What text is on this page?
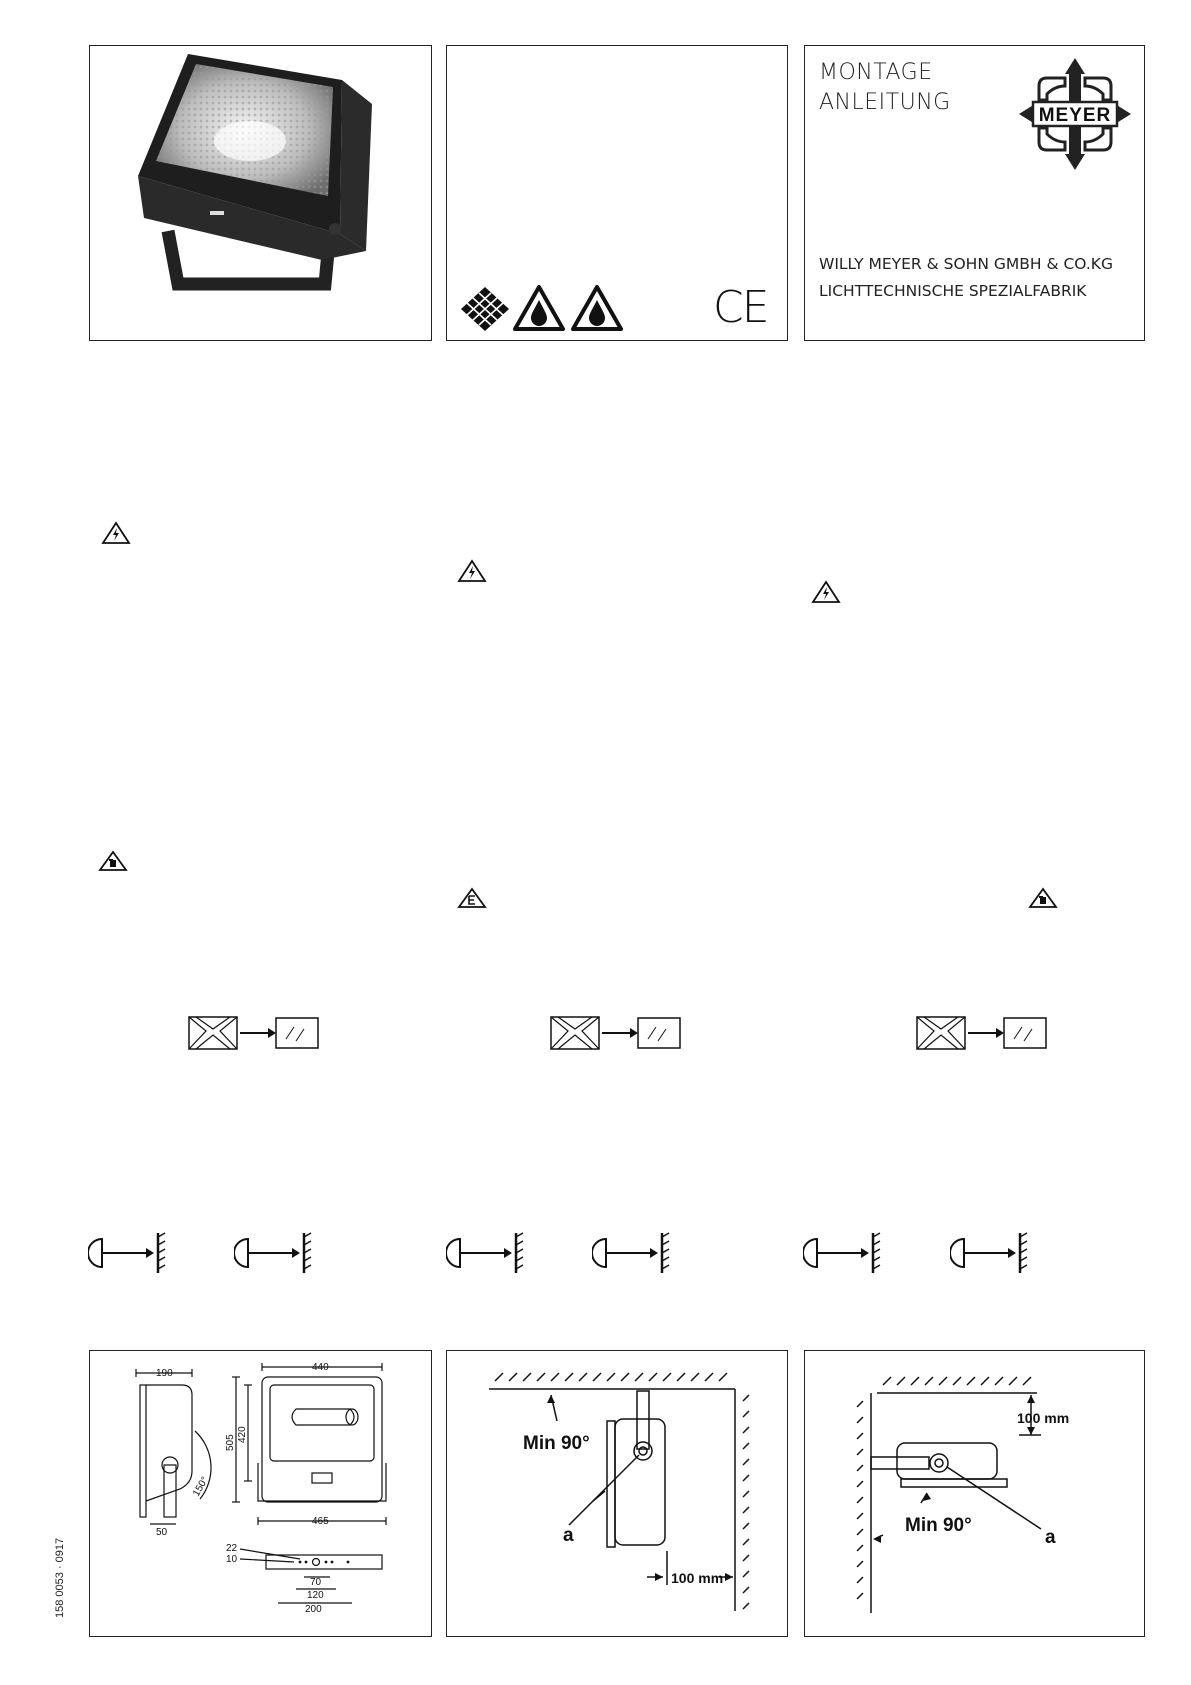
CE
MONTAGE
ANLEITUNG
MEYER
WILLY MEYER & SOHN GMBH & CO.KG
LICHTTECHNISCHE SPEZIALFABRIK
158 0053 · 0917
190
440
505 420
150°
50
465
22
10
70
120
200
Min 90°
a
100 mm
100 mm
Min 90°
a
